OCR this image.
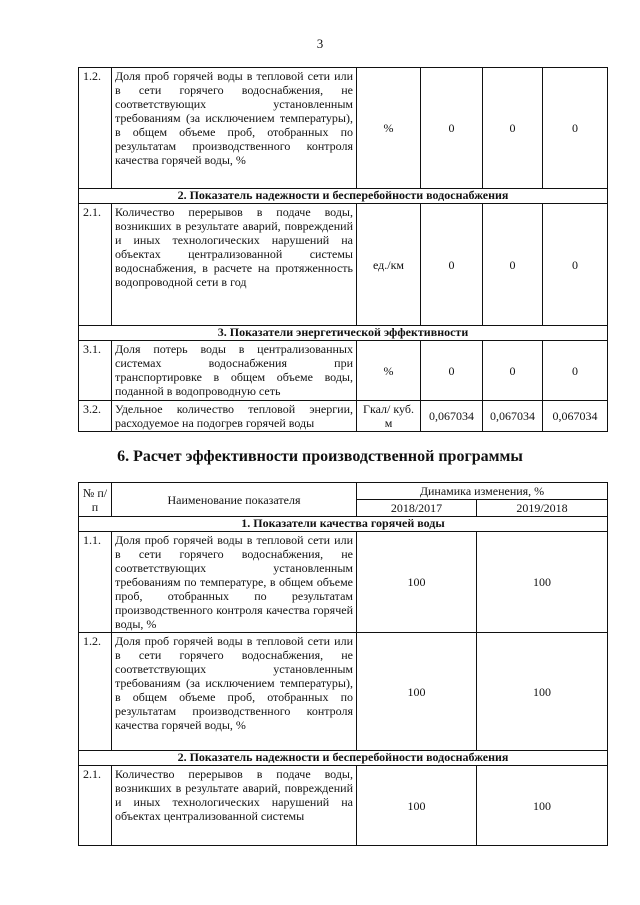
3
1.2.	Доля проб горячей воды в тепловой сети или в сети горячего водоснабжения, не соответствующих установленным требованиям (за исключением температуры), в общем объеме проб, отобранных по результатам производственного контроля качества горячей воды, %	%	0	0	0
2. Показатель надежности и бесперебойности водоснабжения					
2.1.	Количество перерывов в подаче воды, возникших в результате аварий, повреждений и иных технологических нарушений на объектах централизованной системы водоснабжения, в расчете на протяженность водопроводной сети в год	ед./км	0	0	0
3. Показатели энергетической эффективности					
3.1.	Доля потерь воды в централизованных системах водоснабжения при транспортировке в общем объеме воды, поданной в водопроводную сеть	%	0	0	0
3.2.	Удельное количество тепловой энергии, расходуемое на подогрев горячей воды	Гкал/ куб. м	0,067034	0,067034	0,067034
6. Расчет эффективности производственной программы
№ п/п	Наименование показателя	Динамика изменения, %	
		2018/2017	2019/2018
1. Показатели качества горячей воды			
1.1.	Доля проб горячей воды в тепловой сети или в сети горячего водоснабжения, не соответствующих установленным требованиям по температуре, в общем объеме проб, отобранных по результатам производственного контроля качества горячей воды, %	100	100
1.2.	Доля проб горячей воды в тепловой сети или в сети горячего водоснабжения, не соответствующих установленным требованиям (за исключением температуры), в общем объеме проб, отобранных по результатам производственного контроля качества горячей воды, %	100	100
2. Показатель надежности и бесперебойности водоснабжения			
2.1.	Количество перерывов в подаче воды, возникших в результате аварий, повреждений и иных технологических нарушений на объектах централизованной системы	100	100
